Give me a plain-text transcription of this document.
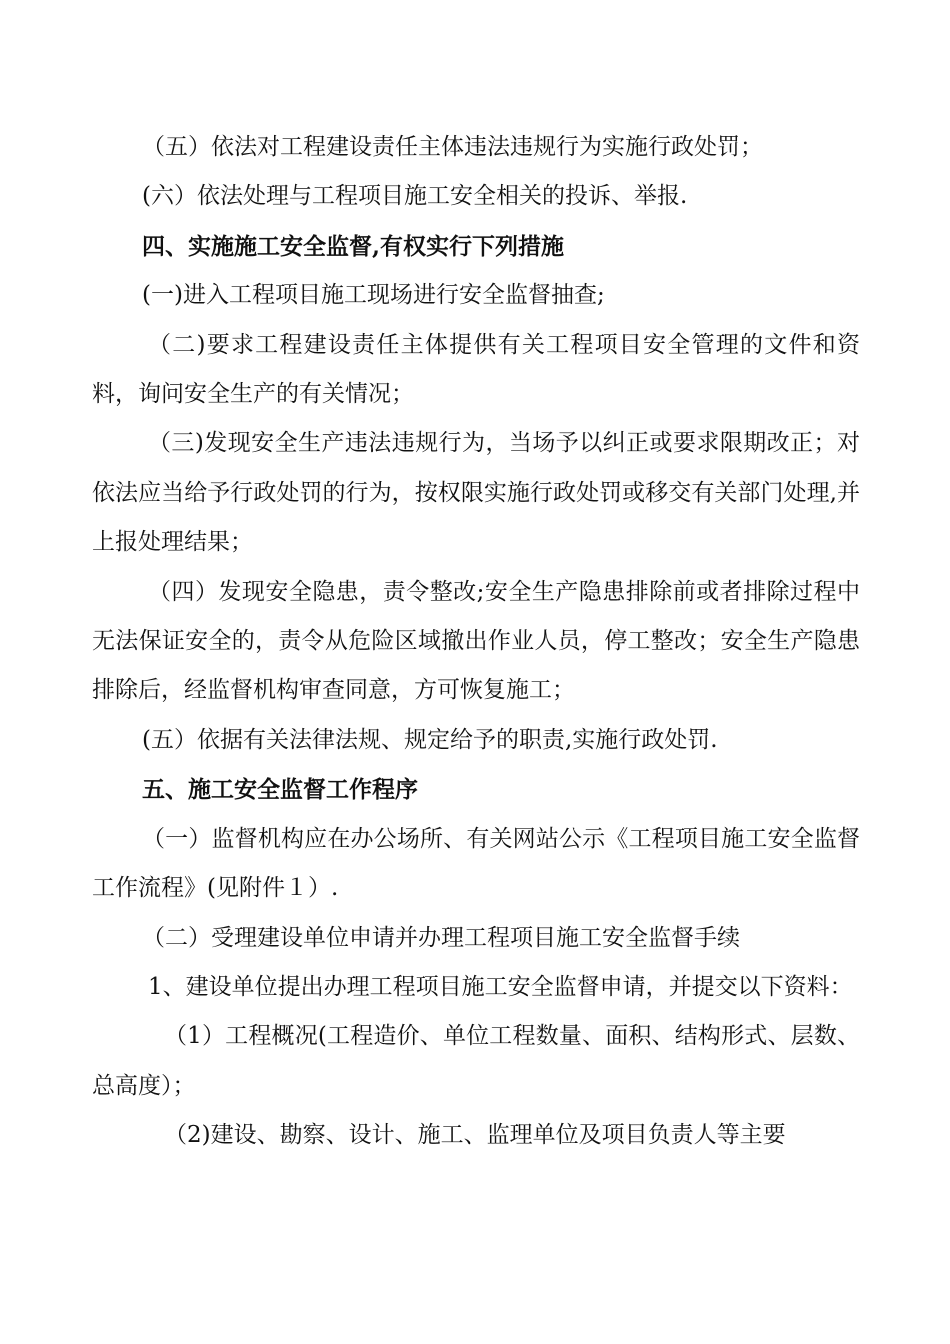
（五）依法对工程建设责任主体违法违规行为实施行政处罚；

(六）依法处理与工程项目施工安全相关的投诉、举报.

四、实施施工安全监督,有权实行下列措施

(一)进入工程项目施工现场进行安全监督抽查;

（二)要求工程建设责任主体提供有关工程项目安全管理的文件和资料，询问安全生产的有关情况；

（三)发现安全生产违法违规行为，当场予以纠正或要求限期改正；对依法应当给予行政处罚的行为，按权限实施行政处罚或移交有关部门处理,并上报处理结果；

（四）发现安全隐患，责令整改;安全生产隐患排除前或者排除过程中无法保证安全的，责令从危险区域撤出作业人员，停工整改；安全生产隐患排除后，经监督机构审查同意，方可恢复施工；

(五）依据有关法律法规、规定给予的职责,实施行政处罚.

五、施工安全监督工作程序

（一）监督机构应在办公场所、有关网站公示《工程项目施工安全监督工作流程》(见附件１）.

（二）受理建设单位申请并办理工程项目施工安全监督手续

1、建设单位提出办理工程项目施工安全监督申请，并提交以下资料：

（1）工程概况(工程造价、单位工程数量、面积、结构形式、层数、总高度）；

（2)建设、勘察、设计、施工、监理单位及项目负责人等主要
